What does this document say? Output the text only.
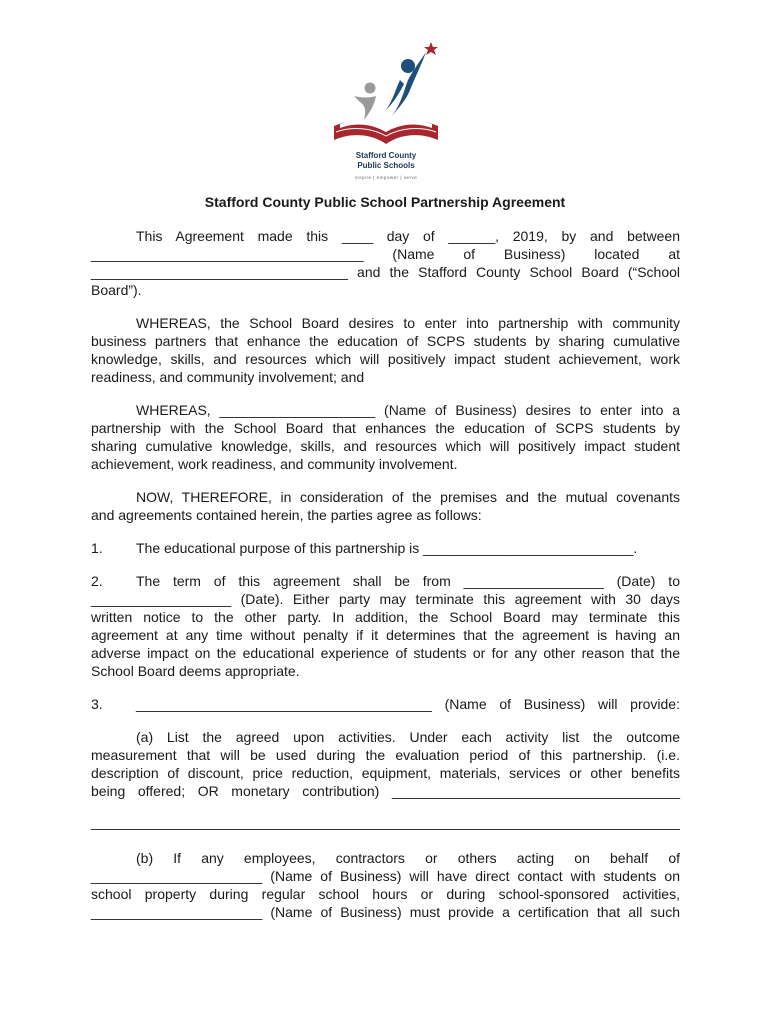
Stafford County
Public Schools
inspire | empower | serve
Stafford County Public School Partnership Agreement
This Agreement made this ____ day of ______, 2019, by and between
___________________________________ (Name of Business) located at
_________________________________ and the Stafford County School Board (“School
Board”).
WHEREAS, the School Board desires to enter into partnership with community
business partners that enhance the education of SCPS students by sharing cumulative
knowledge, skills, and resources which will positively impact student achievement, work
readiness, and community involvement; and
WHEREAS, ____________________ (Name of Business) desires to enter into a
partnership with the School Board that enhances the education of SCPS students by
sharing cumulative knowledge, skills, and resources which will positively impact student
achievement, work readiness, and community involvement.
NOW, THEREFORE, in consideration of the premises and the mutual covenants
and agreements contained herein, the parties agree as follows:
1. The educational purpose of this partnership is ___________________________.
2. The term of this agreement shall be from __________________ (Date) to
__________________ (Date). Either party may terminate this agreement with 30 days
written notice to the other party. In addition, the School Board may terminate this
agreement at any time without penalty if it determines that the agreement is having an
adverse impact on the educational experience of students or for any other reason that the
School Board deems appropriate.
3. ______________________________________ (Name of Business) will provide:
(a) List the agreed upon activities. Under each activity list the outcome
measurement that will be used during the evaluation period of this partnership. (i.e.
description of discount, price reduction, equipment, materials, services or other benefits
being offered; OR monetary contribution) _____________________________________
(b) If any employees, contractors or others acting on behalf of
______________________ (Name of Business) will have direct contact with students on
school property during regular school hours or during school-sponsored activities,
______________________ (Name of Business) must provide a certification that all such
